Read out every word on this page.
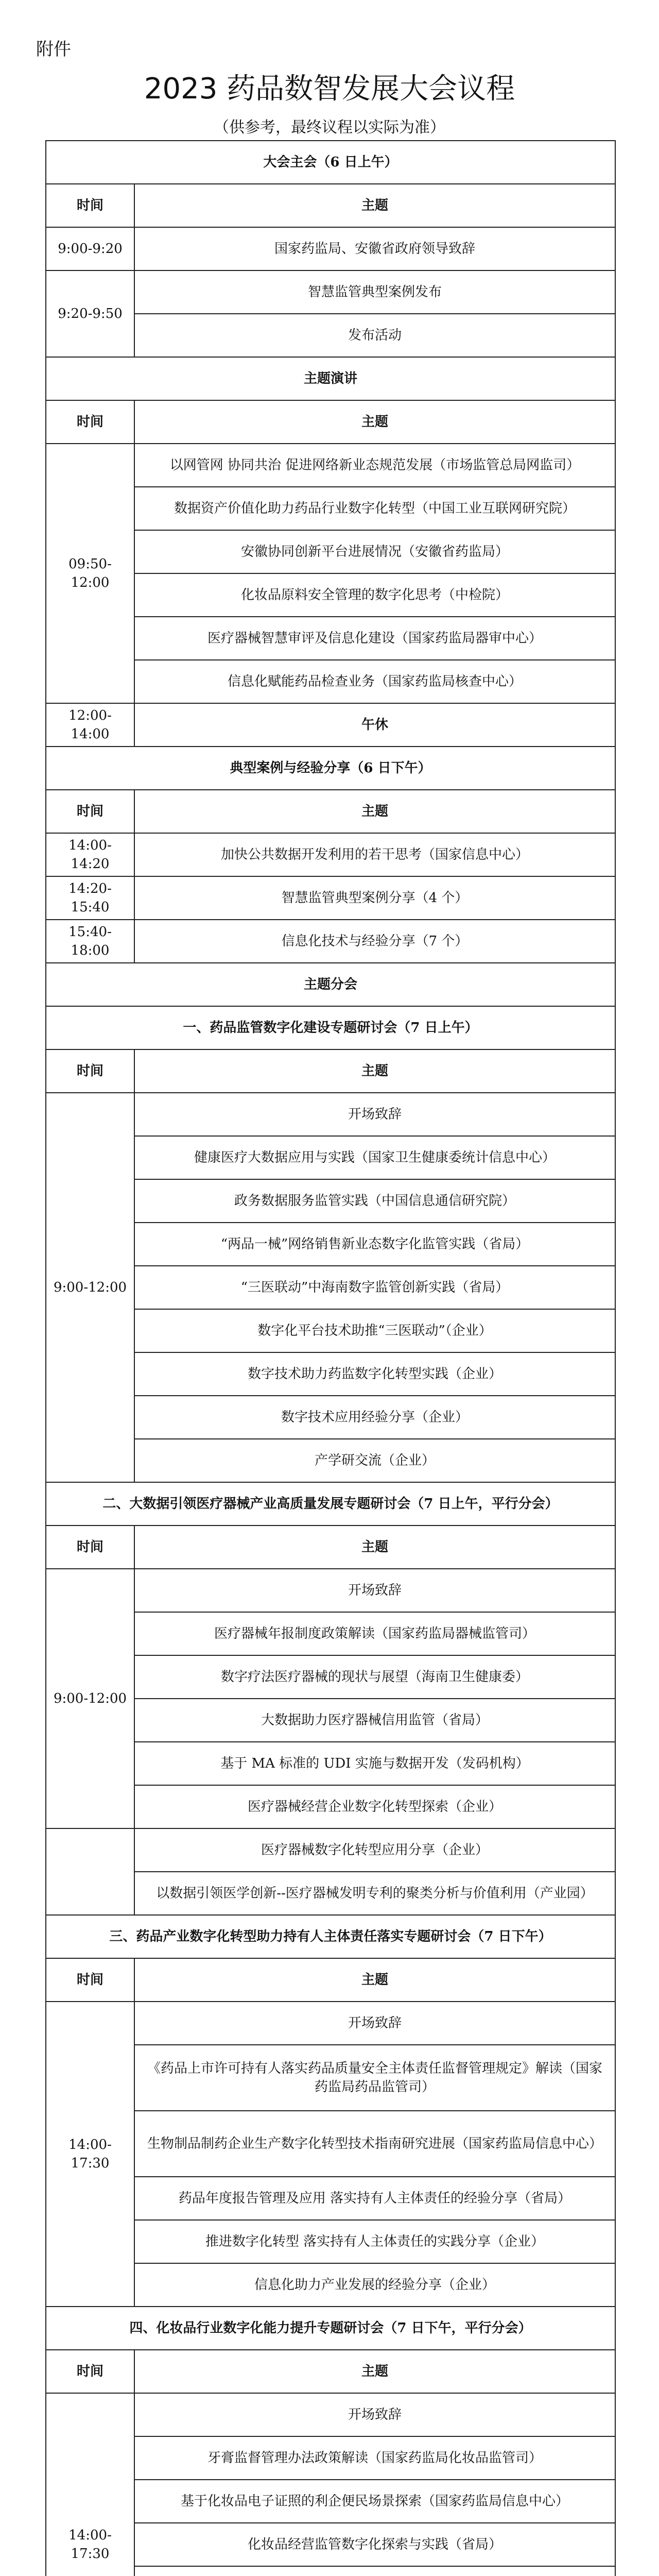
附件
2023 药品数智发展大会议程
（供参考，最终议程以实际为准）
大会主会（6 日上午）	
时间	主题
9:00-9:20	国家药监局、安徽省政府领导致辞
9:20-9:50	智慧监管典型案例发布
	发布活动
主题演讲	
时间	主题
09:50-12:00	以网管网 协同共治 促进网络新业态规范发展（市场监管总局网监司）
	数据资产价值化助力药品行业数字化转型（中国工业互联网研究院）
	安徽协同创新平台进展情况（安徽省药监局）
	化妆品原料安全管理的数字化思考（中检院）
	医疗器械智慧审评及信息化建设（国家药监局器审中心）
	信息化赋能药品检查业务（国家药监局核查中心）
12:00-14:00	午休
典型案例与经验分享（6 日下午）	
时间	主题
14:00-14:20	加快公共数据开发利用的若干思考（国家信息中心）
14:20-15:40	智慧监管典型案例分享（4 个）
15:40-18:00	信息化技术与经验分享（7 个）
主题分会	
一、药品监管数字化建设专题研讨会（7 日上午）	
时间	主题
9:00-12:00	开场致辞
	健康医疗大数据应用与实践（国家卫生健康委统计信息中心）
	政务数据服务监管实践（中国信息通信研究院）
	“两品一械”网络销售新业态数字化监管实践（省局）
	“三医联动”中海南数字监管创新实践（省局）
	数字化平台技术助推“三医联动”（企业）
	数字技术助力药监数字化转型实践（企业）
	数字技术应用经验分享（企业）
	产学研交流（企业）
二、大数据引领医疗器械产业高质量发展专题研讨会（7 日上午，平行分会）	
时间	主题
9:00-12:00	开场致辞
	医疗器械年报制度政策解读（国家药监局器械监管司）
	数字疗法医疗器械的现状与展望（海南卫生健康委）
	大数据助力医疗器械信用监管（省局）
	基于 MA 标准的 UDI 实施与数据开发（发码机构）
	医疗器械经营企业数字化转型探索（企业）
	医疗器械数字化转型应用分享（企业）
	以数据引领医学创新--医疗器械发明专利的聚类分析与价值利用（产业园）
三、药品产业数字化转型助力持有人主体责任落实专题研讨会（7 日下午）	
时间	主题
14:00-17:30	开场致辞
	《药品上市许可持有人落实药品质量安全主体责任监督管理规定》解读（国家药监局药品监管司）
	生物制品制药企业生产数字化转型技术指南研究进展（国家药监局信息中心）
	药品年度报告管理及应用 落实持有人主体责任的经验分享（省局）
	推进数字化转型 落实持有人主体责任的实践分享（企业）
	信息化助力产业发展的经验分享（企业）
四、化妆品行业数字化能力提升专题研讨会（7 日下午，平行分会）	
时间	主题
14:00-17:30	开场致辞
	牙膏监督管理办法政策解读（国家药监局化妆品监管司）
	基于化妆品电子证照的利企便民场景探索（国家药监局信息中心）
	化妆品经营监管数字化探索与实践（省局）
